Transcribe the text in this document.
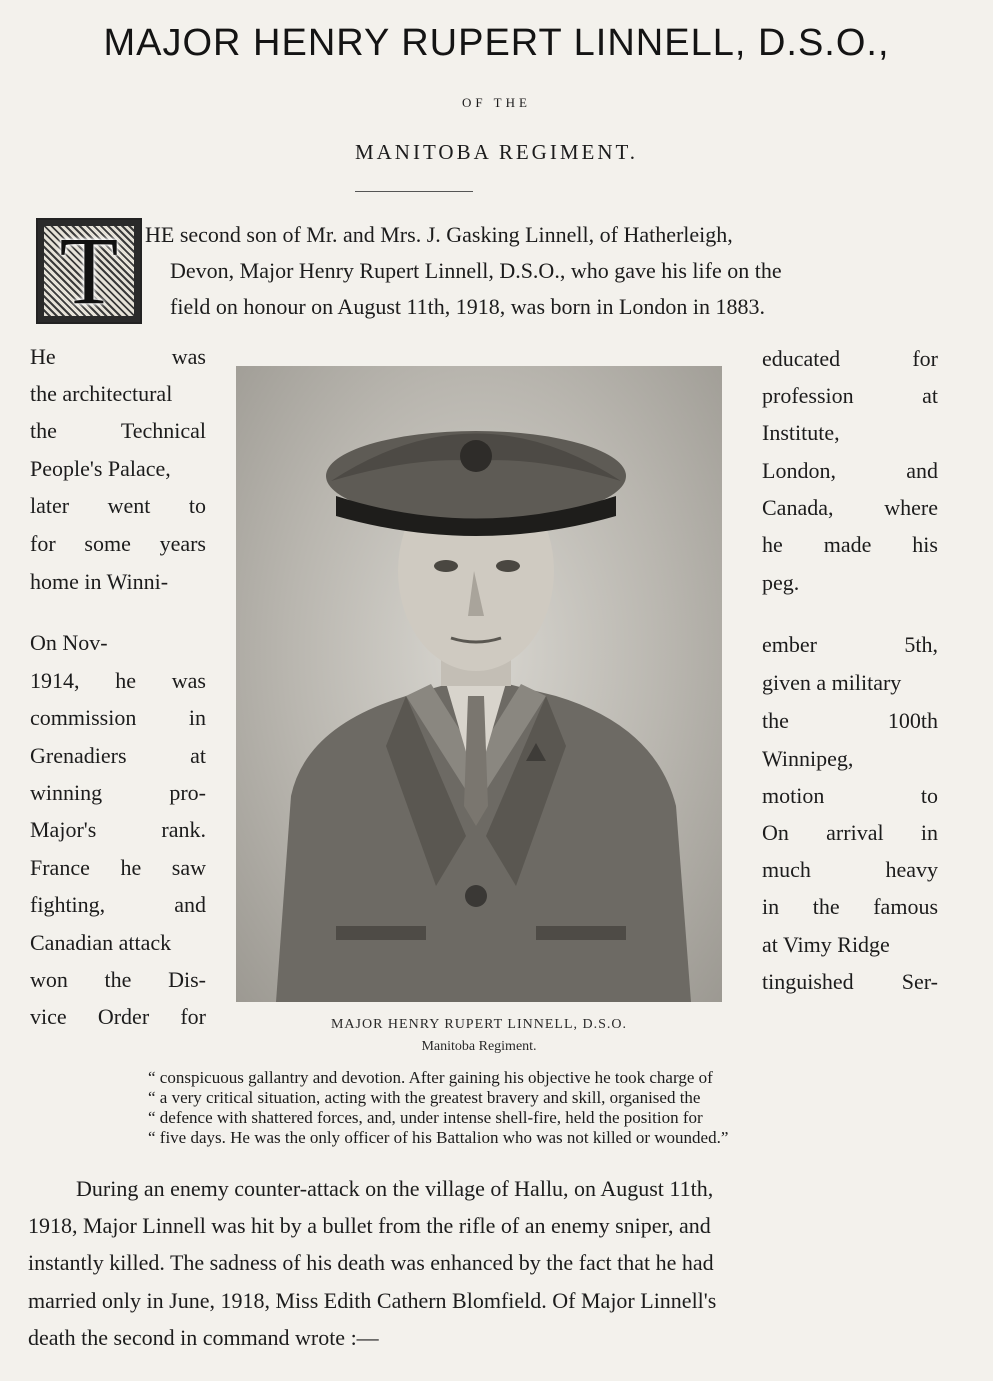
MAJOR HENRY RUPERT LINNELL, D.S.O.,
OF THE
MANITOBA REGIMENT.
T	HE second son of Mr. and Mrs. J. Gasking Linnell, of Hatherleigh,
Devon, Major Henry Rupert Linnell, D.S.O., who gave his life on the
field on honour on August 11th, 1918, was born in London in 1883.
He	was
the architectural
the	Technical
People's Palace,
later went to
for some years
home in Winni-
On Nov-
1914, he was
commission in
Grenadiers	at
winning	pro-
Major's	rank.
France he saw
fighting,	and
Canadian attack
won the Dis-
vice Order for
educated	for
profession	at
Institute,
London,	and
Canada, where
he made his
peg.
ember	5th,
given a military
the	100th
Winnipeg,
motion	to
On arrival in
much	heavy
in the famous
at Vimy Ridge
tinguished Ser-
MAJOR HENRY RUPERT LINNELL, D.S.O.
Manitoba Regiment.
“ conspicuous gallantry and devotion. After gaining his objective he took charge of
“ a very critical situation, acting with the greatest bravery and skill, organised the
“ defence with shattered forces, and, under intense shell-fire, held the position for
“ five days. He was the only officer of his Battalion who was not killed or wounded.”
During an enemy counter-attack on the village of Hallu, on August 11th,
1918, Major Linnell was hit by a bullet from the rifle of an enemy sniper, and
instantly killed. The sadness of his death was enhanced by the fact that he had
married only in June, 1918, Miss Edith Cathern Blomfield. Of Major Linnell's
death the second in command wrote :—
